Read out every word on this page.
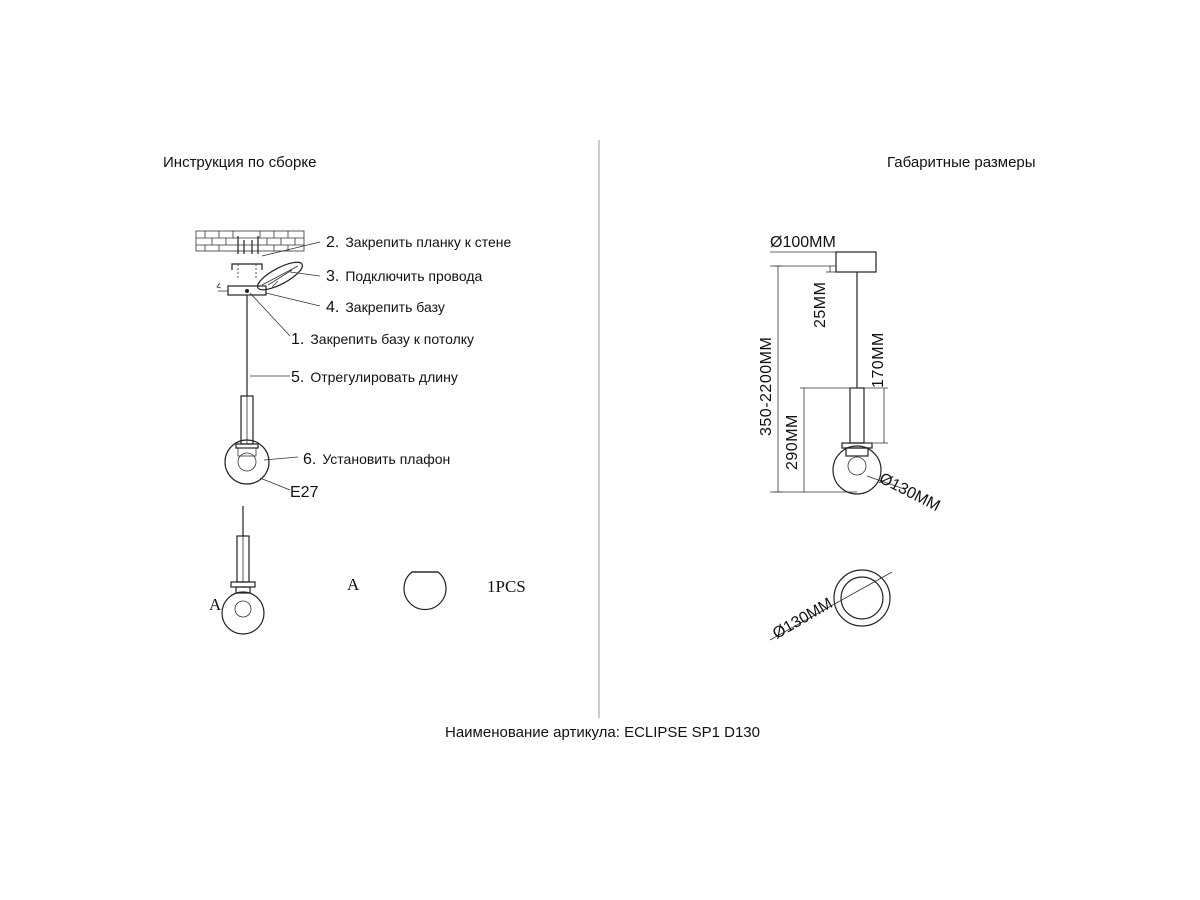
Инструкция по сборке	Габаритные размеры
2. Закрепить планку к стене
3. Подключить провода
4. Закрепить базу
1. Закрепить базу к потолку
5. Отрегулировать длину
6. Установить плафон
E27
A
A	1PCS
Ø100MM
25MM
350-2200MM	170MM
290MM
Ø130MM
Ø130MM
Наименование артикула: ECLIPSE SP1 D130
